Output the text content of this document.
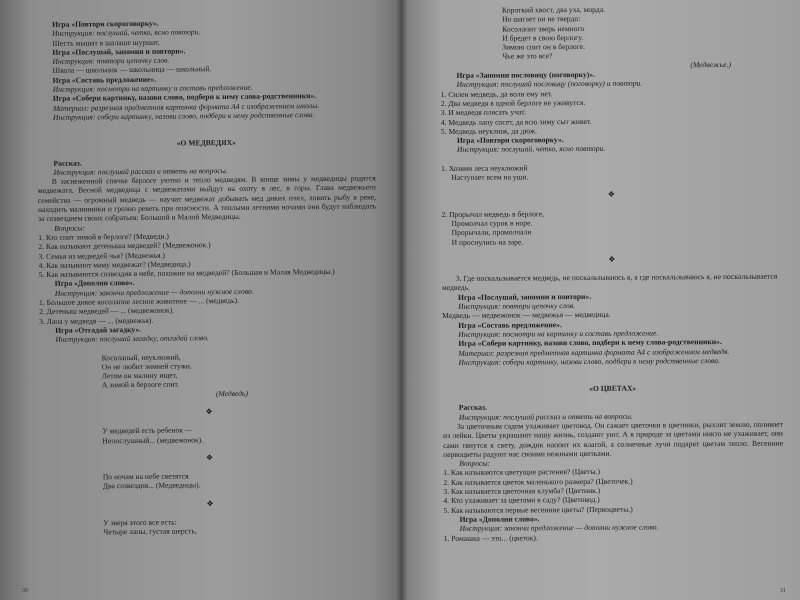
Игра «Повтори скороговорку».

Инструкция: послушай, четко, ясно повтори.

Шесть мышат в шалаше шуршат.

Игра «Послушай, запомни и повтори».

Инструкция: повтори цепочку слов.

Школа — школьник — школьница — школьный.

Игра «Составь предложение».

Инструкция: посмотри на картинку и составь предложение.

Игра «Собери картинку, назови слово, подбери к нему слова-родственники».

Материал: разрезная предметная картинка формата А4 с изображением школы.

Инструкция: собери картинку, назови слово, подбери к нему родственные слова.

«О МЕДВЕДЯХ»

Рассказ.

Инструкция: послушай рассказ и ответь на вопросы.

В заснеженной спячке берлоге уютно и тепло медведям. В конце зимы у медведицы родятся медвежата. Весной медведица с медвежатами выйдут на охоту в лес, в горы. Глава медвежьего семейства — огромный медведь — научит медвежат добывать мед диких пчел, ловить рыбу в реке, находить малинники и грозно реветь при опасности. А теплыми летними ночами они будут наблюдать за созвездием своих собратьев: Большой и Малой Медведицы.

Вопросы:

1. Кто спит зимой в берлоге? (Медведи.)

2. Как называют детеныша медведей? (Медвежонок.)

3. Семья из медведей чья? (Медвежья.)

4. Как называют маму медвежат? (Медведица.)

5. Как называются созвездия в небе, похожие на медведей? (Большая и Малая Медведицы.)

Игра «Дополни слово».

Инструкция: закончи предложение — дополни нужное слово.

1. Большое дикое косолапое лесное животное — ... (медведь).

2. Детеныш медведей — ... (медвежонок).

3. Лапа у медведя — ... (медвежья).

Игра «Отгадай загадку».

Инструкция: послушай загадку, отгадай слово.

Косолапый, неуклюжий,

Он не любит зимней стужи.

Летом он малину ищет,

А зимой в берлоге спит.

(Медведь)

❖

У медведей есть ребенок —

Непослушный... (медвежонок).

❖

По ночам на небе светятся

Два созвездия... (Медведицы).

❖

У зверя этого все есть:

Четыре лапы, густая шерсть,

30

Короткий хвост, два уха, морда.

Но шагает он не твердо:

Косолапит зверь немного

И бредет в свою берлогу.

Зимою спит он в берлоге.

Чье же это все?

(Медвежье.)

Игра «Запомни пословицу (поговорку)».

Инструкция: послушай пословицу (поговорку) и повтори.

1. Силен медведь, да волн ему нет.

2. Два медведя в одной берлоге не уживутся.

3. И медведя плясать учат.

4. Медведь лапу сосет, да всю зиму сыт живет.

5. Медведь неуклюж, да дюж.

Игра «Повтори скороговорку».

Инструкция: послушай, четко, ясно повтори.

1. Хозяин леса неуклюжий

Наступает всем на уши.

❖

2. Прорычал медведь в берлоге,

Промолчал сурок в норе.

Прорычали, промолчали

И проснулись на заре.

❖

3. Где поскальзывается медведь, не поскальзываюсь я, а где поскальзываюсь я, не поскальзывается медведь.

Игра «Послушай, запомни и повтори».

Инструкция: повтори цепочку слов.

Медведь — медвежонок — медвежья — медведица.

Игра «Составь предложение».

Инструкция: посмотри на картинку и составь предложение.

Игра «Собери картинку, назови слово, подбери к нему слова-родственники».

Материал: разрезная предметная картинка формата А4 с изображением медведя.

Инструкция: собери картинку, назови слово, подбери к нему родственные слова.

«О ЦВЕТАХ»

Рассказ.

Инструкция: послушай рассказ и ответь на вопросы.

За цветочным садом ухаживает цветовод. Он сажает цветочки в цветники, рыхлит землю, поливает из лейки. Цветы украшают нашу жизнь, создают уют. А в природе за цветами никто не ухаживает, они сами тянутся к свету, дождик напоит их влагой, а солнечные лучи подарят цветам тепло. Весенние первоцветы радуют нас своими нежными цветками.

Вопросы:

1. Как называются цветущие растения? (Цветы.)

2. Как называется цветок маленького размера? (Цветочек.)

3. Как называется цветочная клумба? (Цветник.)

4. Кто ухаживает за цветами в саду? (Цветовод.)

5. Как называются первые весенние цветы? (Первоцветы.)

Игра «Дополни слово».

Инструкция: закончи предложение — дополни нужное слово.

1. Ромашка — это... (цветок).

31
